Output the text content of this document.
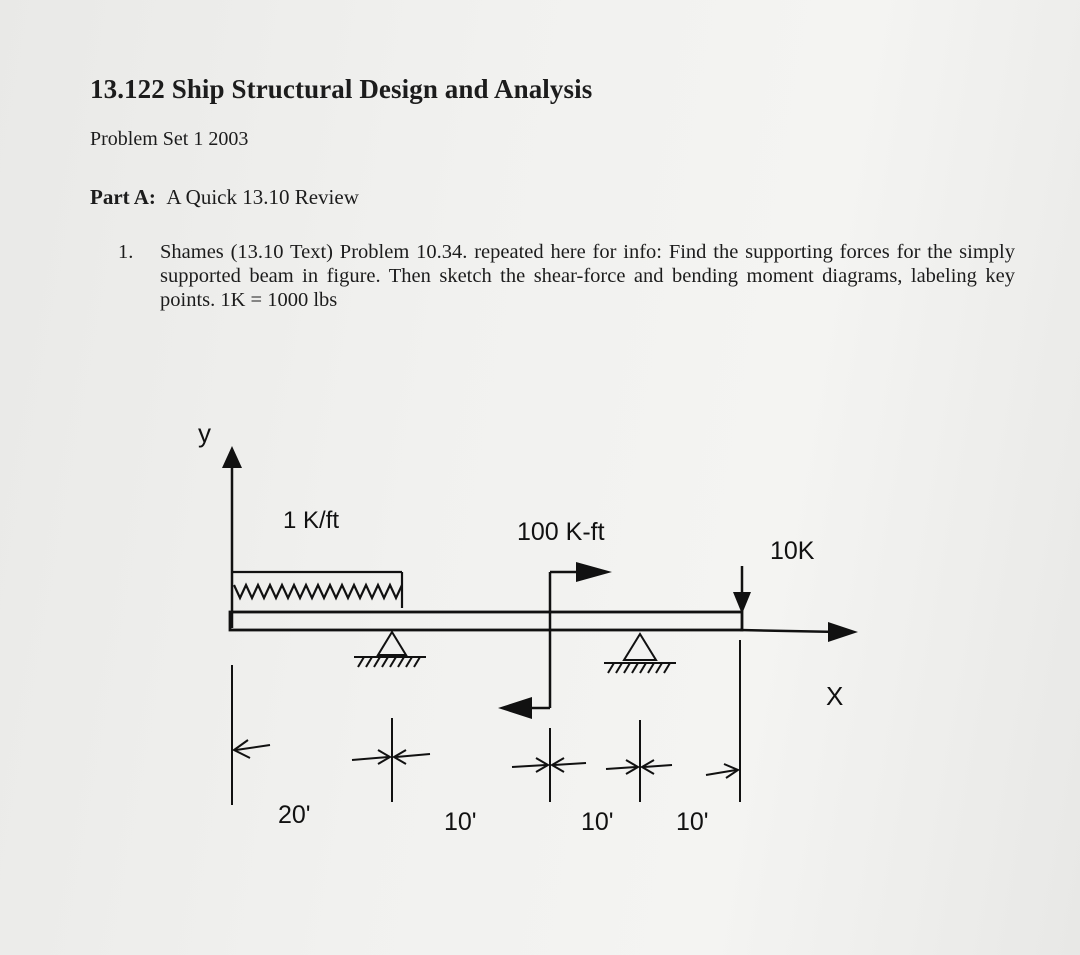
13.122 Ship Structural Design and Analysis
Problem Set 1 2003
Part A: A Quick 13.10 Review
1. Shames (13.10 Text) Problem 10.34. repeated here for info: Find the supporting forces for the simply supported beam in figure. Then sketch the shear-force and bending moment diagrams, labeling key points. 1K = 1000 lbs
y
X
1 K/ft	100 K-ft
10K
20'	10'	10' 10'
